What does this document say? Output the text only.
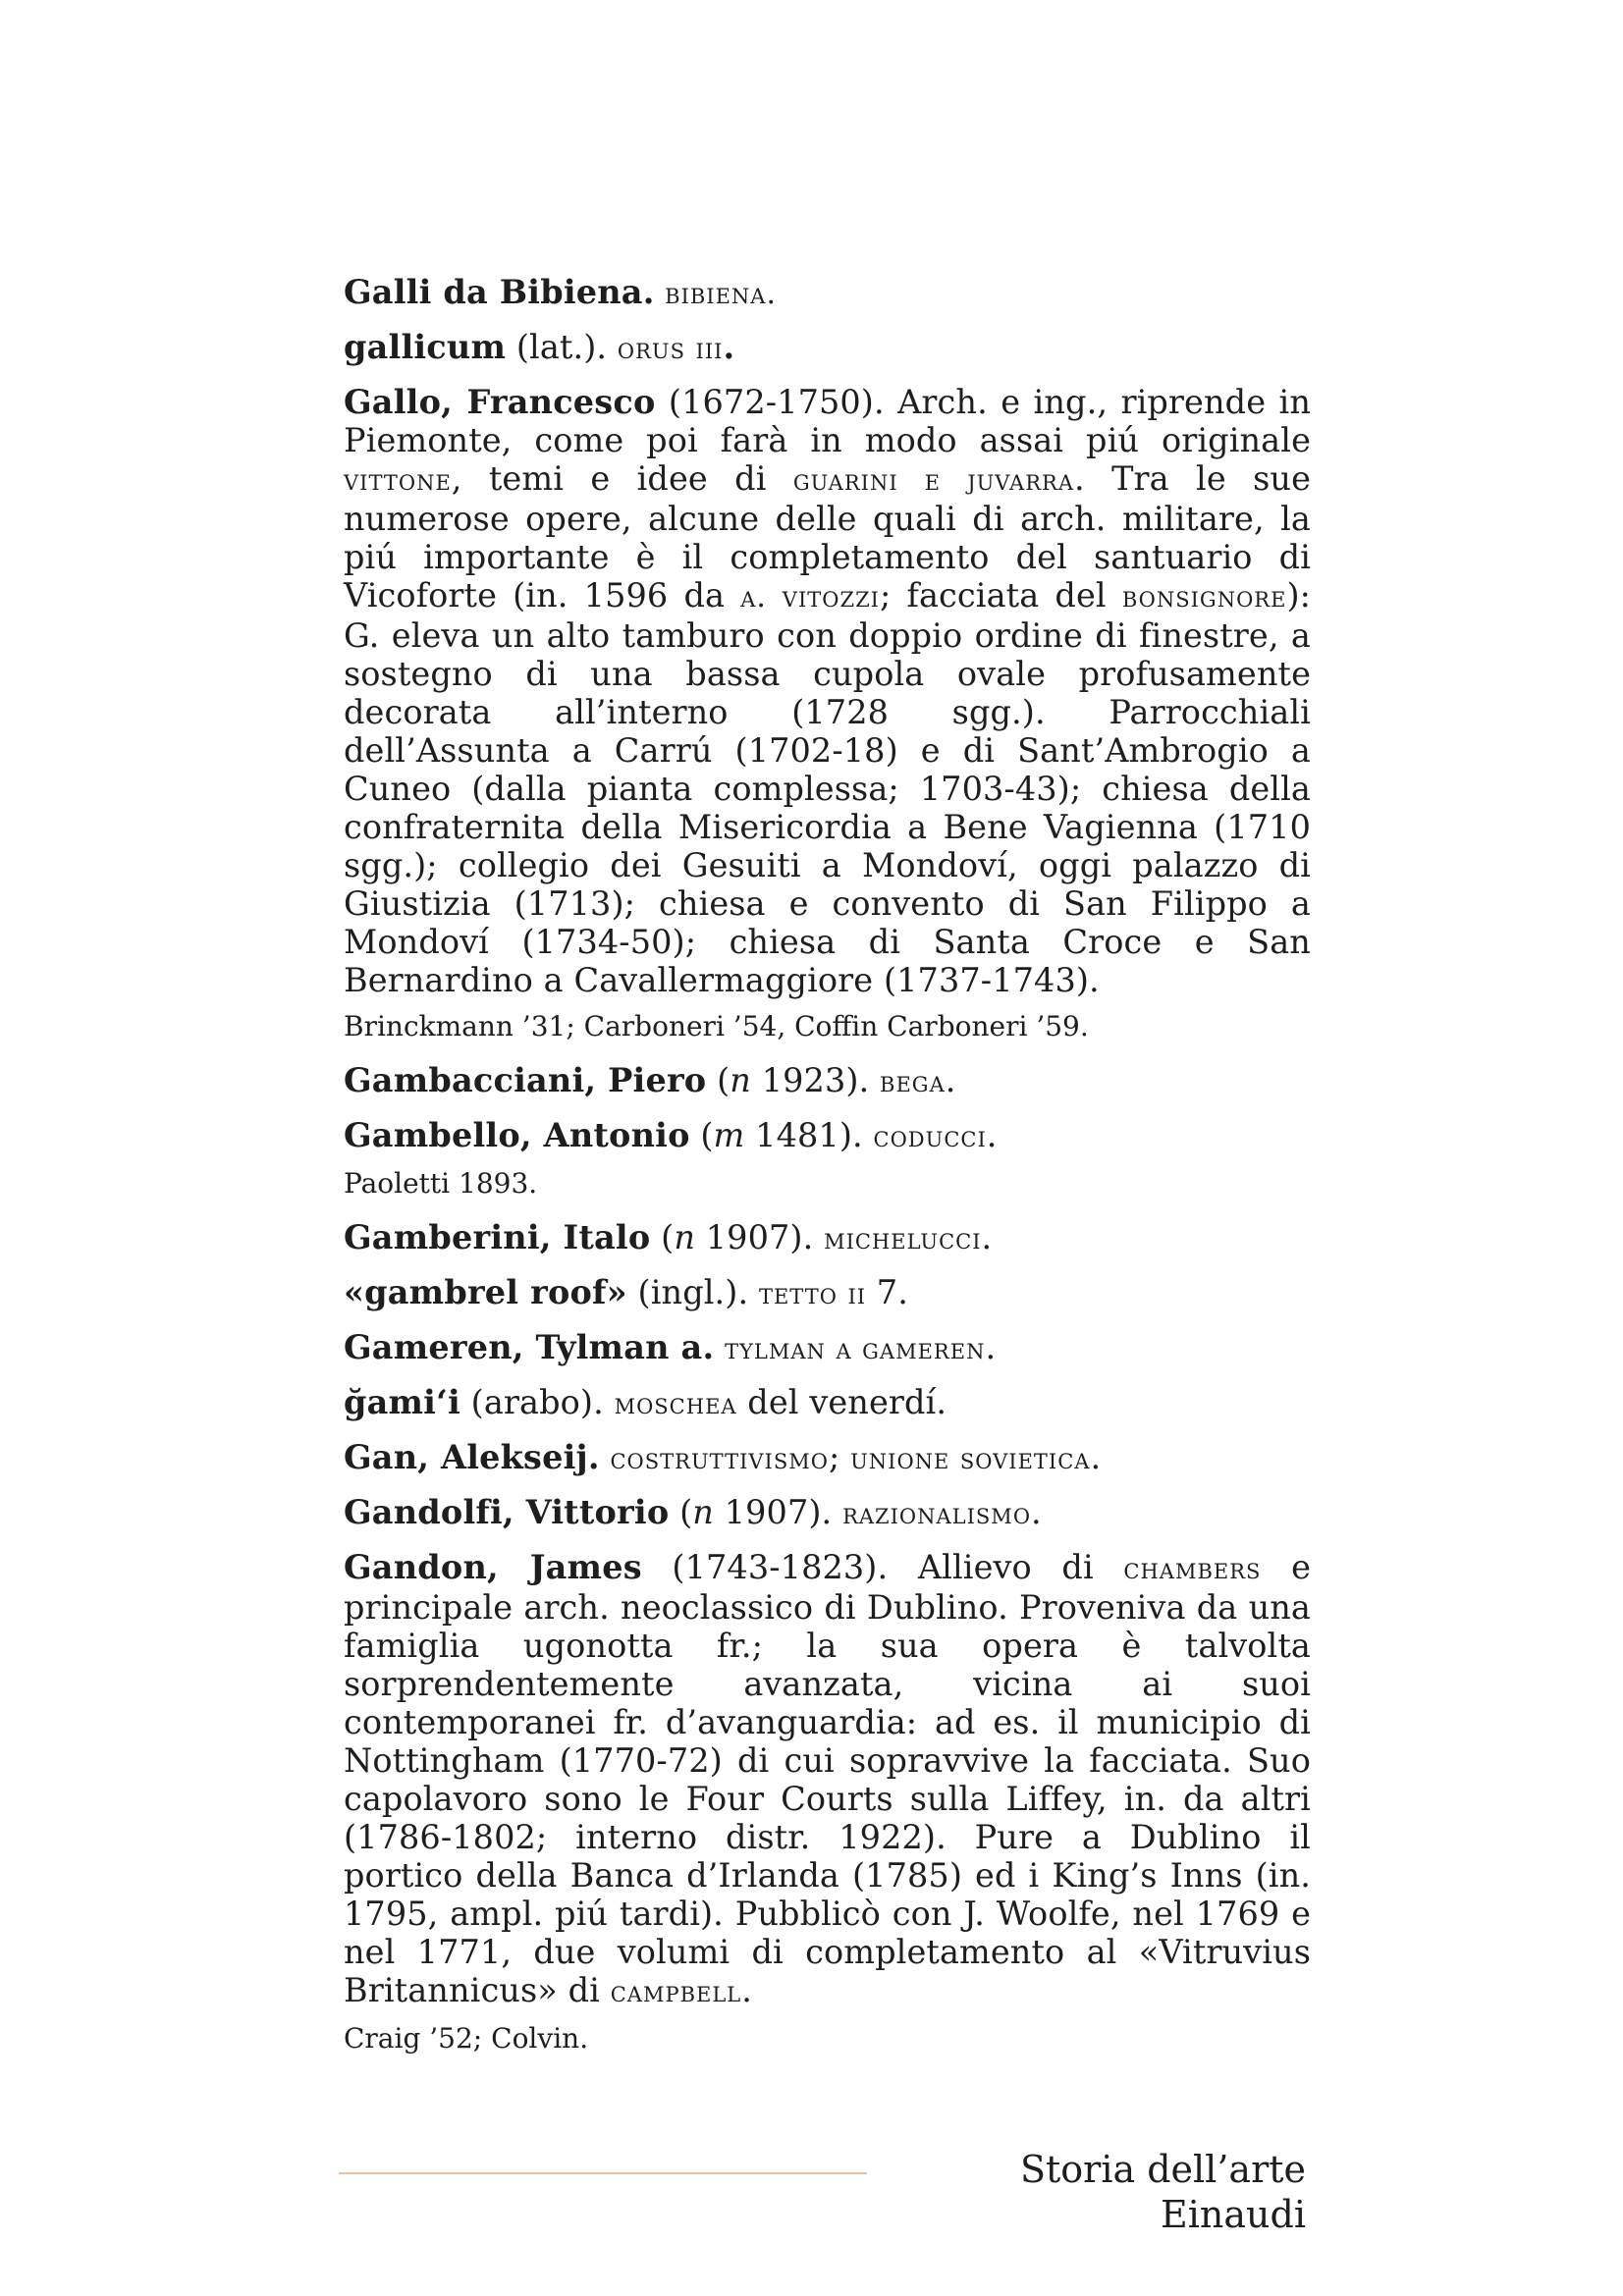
Galli da Bibiena. bibiena.
gallicum (lat.). orus iii.
Gallo, Francesco (1672-1750). Arch. e ing., riprende in Piemonte, come poi farà in modo assai piú originale vittone, temi e idee di guarini e juvarra. Tra le sue numerose opere, alcune delle quali di arch. militare, la piú importante è il completamento del santuario di Vicoforte (in. 1596 da a. vitozzi; facciata del bonsignore): G. eleva un alto tamburo con doppio ordine di finestre, a sostegno di una bassa cupola ovale profusamente decorata all’interno (1728 sgg.). Parrocchiali dell’Assunta a Carrú (1702-18) e di Sant’Ambrogio a Cuneo (dalla pianta complessa; 1703-43); chiesa della confraternita della Misericordia a Bene Vagienna (1710 sgg.); collegio dei Gesuiti a Mondoví, oggi palazzo di Giustizia (1713); chiesa e convento di San Filippo a Mondoví (1734-50); chiesa di Santa Croce e San Bernardino a Cavallermaggiore (1737-1743).
Brinckmann ’31; Carboneri ’54, Coffin Carboneri ’59.
Gambacciani, Piero (n 1923). bega.
Gambello, Antonio (m 1481). coducci.
Paoletti 1893.
Gamberini, Italo (n 1907). michelucci.
«gambrel roof» (ingl.). tetto ii 7.
Gameren, Tylman a. tylman a gameren.
ğami‘i (arabo). moschea del venerdí.
Gan, Alekseij. costruttivismo; unione sovietica.
Gandolfi, Vittorio (n 1907). razionalismo.
Gandon, James (1743-1823). Allievo di chambers e principale arch. neoclassico di Dublino. Proveniva da una famiglia ugonotta fr.; la sua opera è talvolta sorprendentemente avanzata, vicina ai suoi contemporanei fr. d’avanguardia: ad es. il municipio di Nottingham (1770-72) di cui sopravvive la facciata. Suo capolavoro sono le Four Courts sulla Liffey, in. da altri (1786-1802; interno distr. 1922). Pure a Dublino il portico della Banca d’Irlanda (1785) ed i King’s Inns (in. 1795, ampl. piú tardi). Pubblicò con J. Woolfe, nel 1769 e nel 1771, due volumi di completamento al «Vitruvius Britannicus» di campbell.
Craig ’52; Colvin.
Storia dell’arte Einaudi
